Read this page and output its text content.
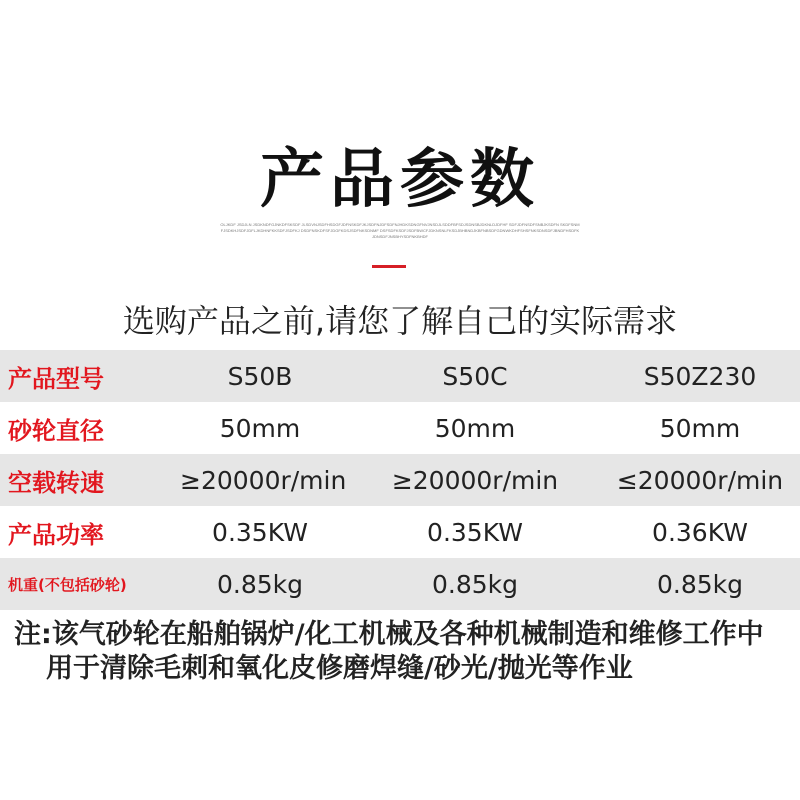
产品参数
OLJKDF JSDJLN JSDKNDFGJNKDFSKSDF JLSDVNJSDFHSDGFJDFNSKDFJKJSDFNJDFSDFNJHDKSDNGFNVJNSDJLSDDFBFSDJSDNSBJDKNLDJDFHF SDFJDFNSDFSNBJKSDFN SKDFSNMFJSDKHJSDFJDFLJKDHNFKKSDFJSDFKJ DSDFNSKDFSFJDGFKDSJSDFNKSDNMF DSFSDFKSDFJSDFBWCFJDKNSNLFKSDJBHBNDJKBFNBSDFGDNWKDHFSHSFNKSDNSDFJBNDFHSDFKJDNSDFJNSBHYSDFNKBHDF
选购产品之前,请您了解自己的实际需求
产品型号	S50B	S50C	S50Z230
砂轮直径	50mm	50mm	50mm
空载转速	≥20000r/min	≥20000r/min	≤20000r/min
产品功率	0.35KW	0.35KW	0.36KW
机重(不包括砂轮)	0.85kg	0.85kg	0.85kg
注:该气砂轮在船舶锅炉/化工机械及各种机械制造和维修工作中
用于清除毛刺和氧化皮修磨焊缝/砂光/抛光等作业
